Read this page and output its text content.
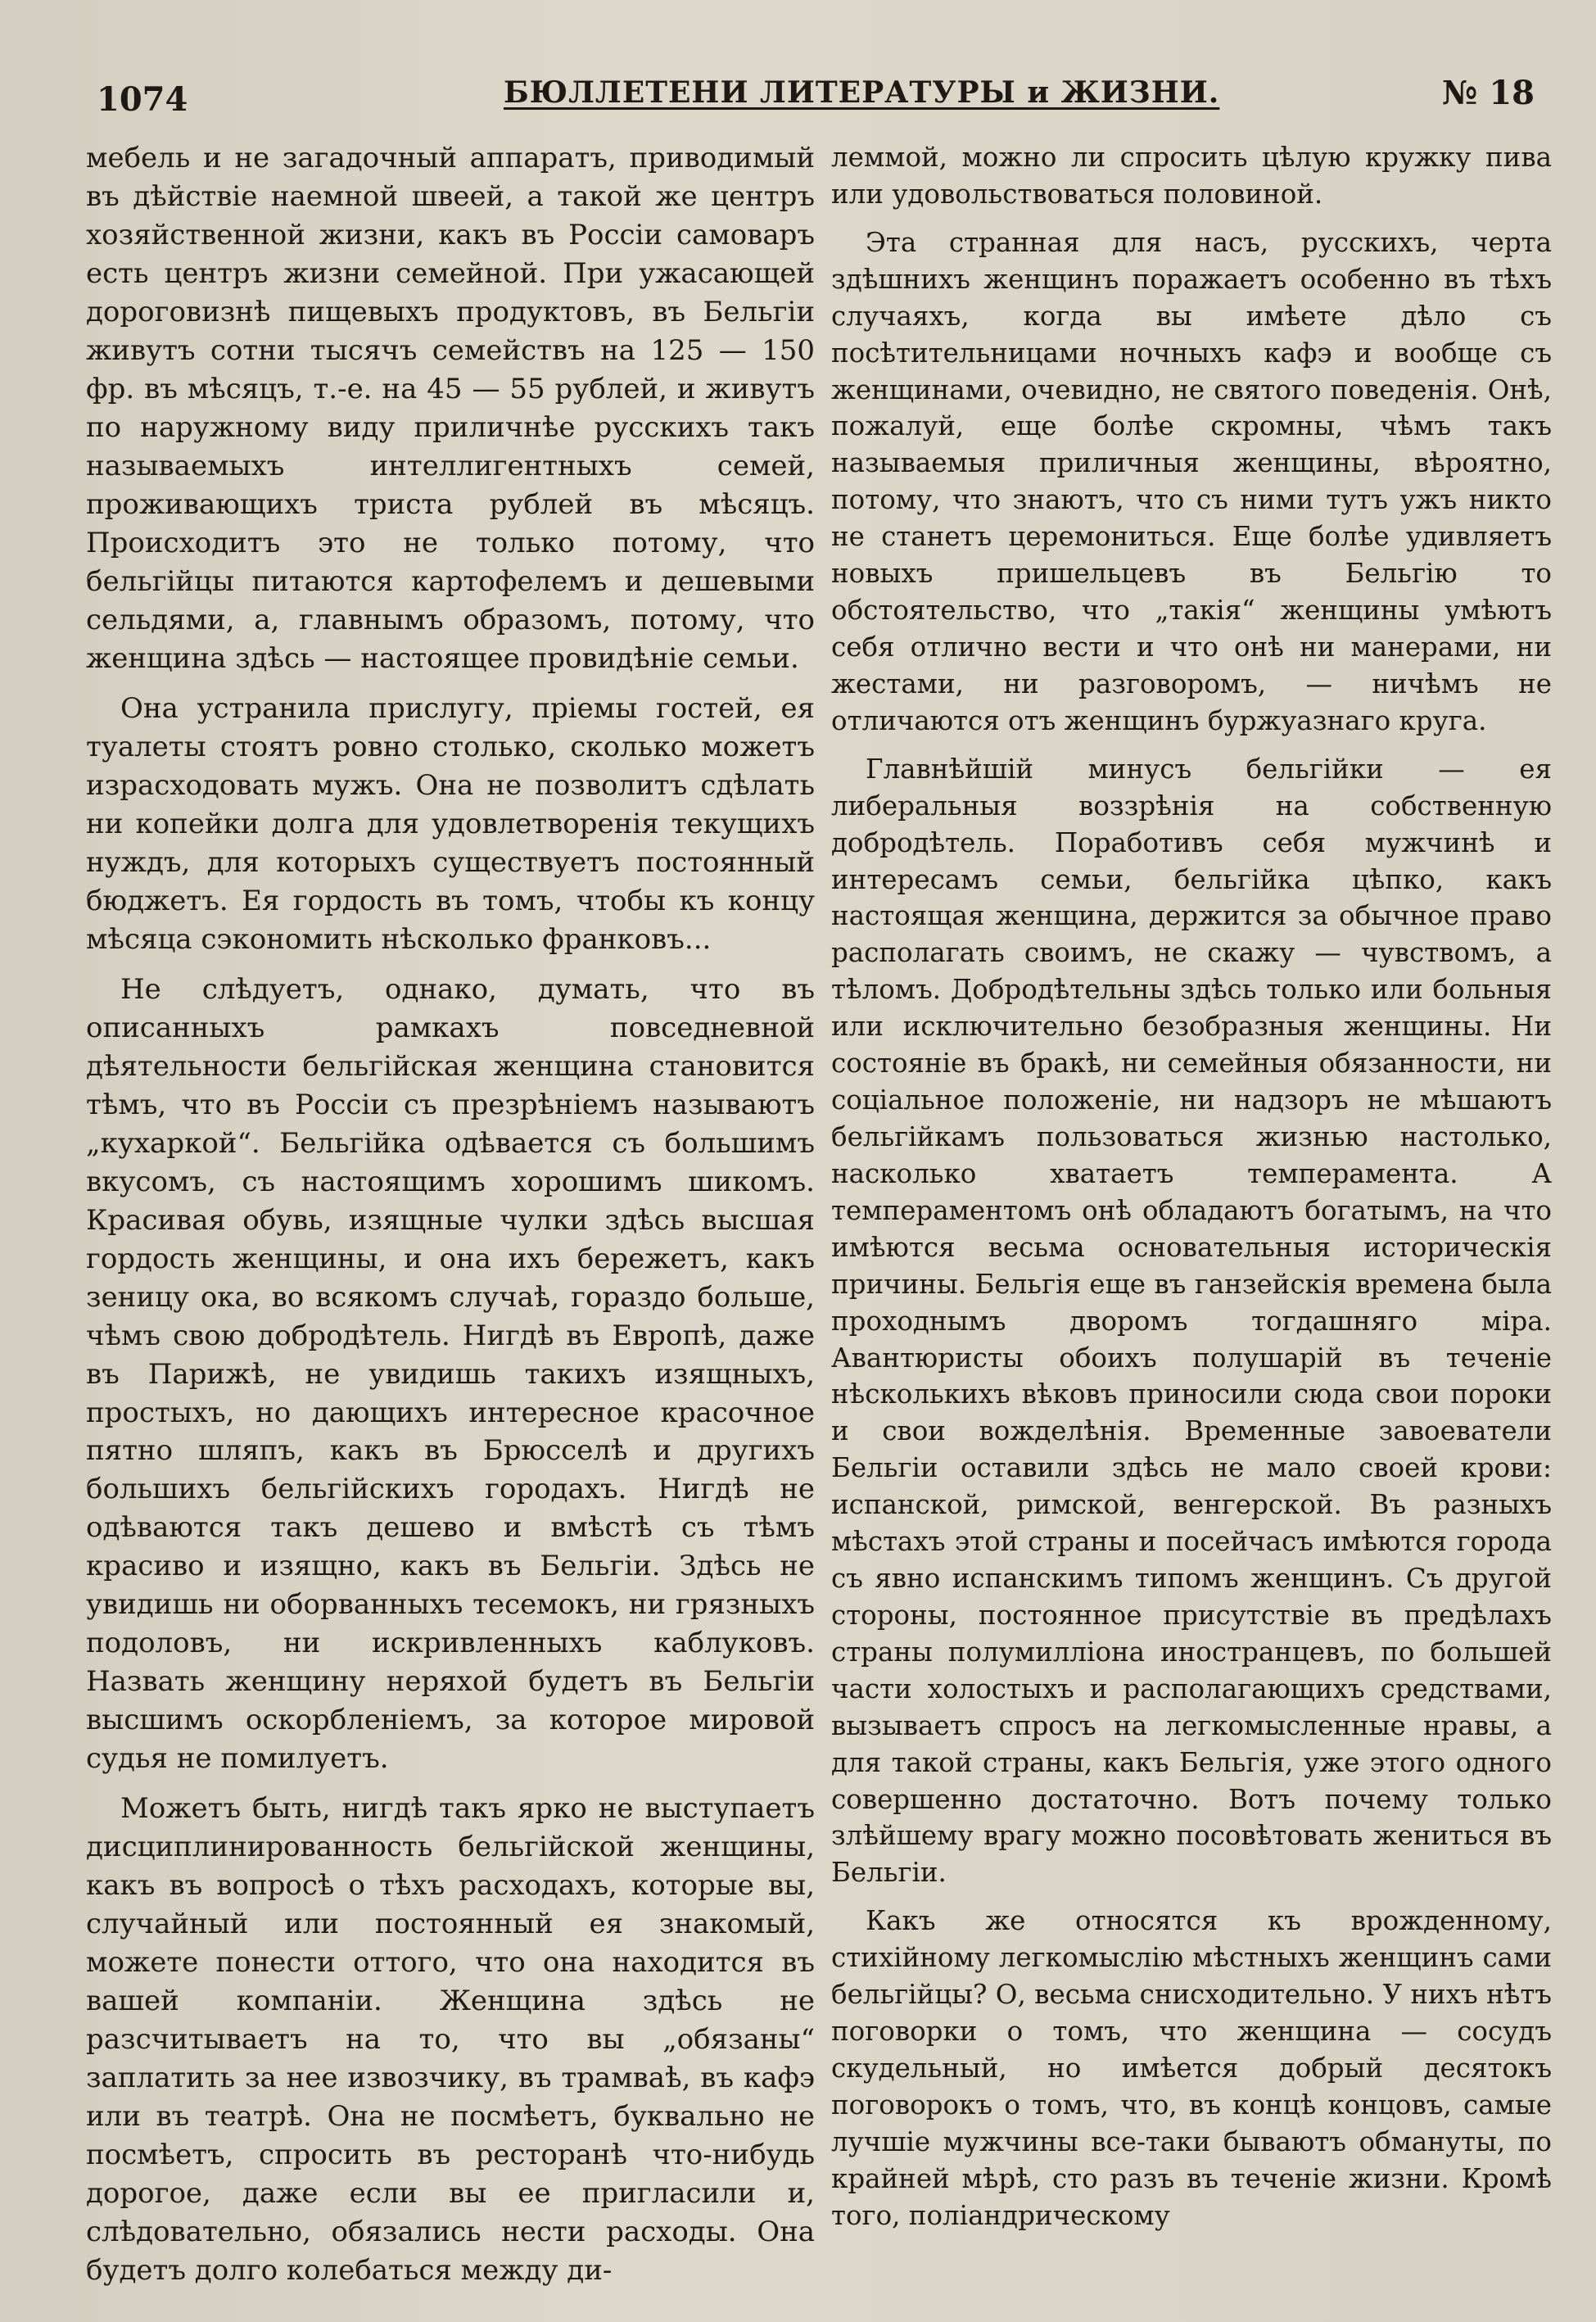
1074	БЮЛЛЕТЕНИ ЛИТЕРАТУРЫ и ЖИЗНИ.	№ 18

мебель и не загадочный аппаратъ, приводимый въ дѣйствіе наемной швеей, а такой же центръ хозяйственной жизни, какъ въ Россіи самоваръ есть центръ жизни семейной. При ужасающей дороговизнѣ пищевыхъ продуктовъ, въ Бельгіи живутъ сотни тысячъ семействъ на 125 — 150 фр. въ мѣсяцъ, т.-е. на 45 — 55 рублей, и живутъ по наружному виду приличнѣе русскихъ такъ называемыхъ интеллигентныхъ семей, проживающихъ триста рублей въ мѣсяцъ. Происходитъ это не только потому, что бельгійцы питаются картофелемъ и дешевыми сельдями, а, главнымъ образомъ, потому, что женщина здѣсь — настоящее провидѣніе семьи.

Она устранила прислугу, пріемы гостей, ея туалеты стоятъ ровно столько, сколько можетъ израсходовать мужъ. Она не позволитъ сдѣлать ни копейки долга для удовлетворенія текущихъ нуждъ, для которыхъ существуетъ постоянный бюджетъ. Ея гордость въ томъ, чтобы къ концу мѣсяца сэкономить нѣсколько франковъ...

Не слѣдуетъ, однако, думать, что въ описанныхъ рамкахъ повседневной дѣятельности бельгійская женщина становится тѣмъ, что въ Россіи съ презрѣніемъ называютъ „кухаркой“. Бельгійка одѣвается съ большимъ вкусомъ, съ настоящимъ хорошимъ шикомъ. Красивая обувь, изящные чулки здѣсь высшая гордость женщины, и она ихъ бережетъ, какъ зеницу ока, во всякомъ случаѣ, гораздо больше, чѣмъ свою добродѣтель. Нигдѣ въ Европѣ, даже въ Парижѣ, не увидишь такихъ изящныхъ, простыхъ, но дающихъ интересное красочное пятно шляпъ, какъ въ Брюсселѣ и другихъ большихъ бельгійскихъ городахъ. Нигдѣ не одѣваются такъ дешево и вмѣстѣ съ тѣмъ красиво и изящно, какъ въ Бельгіи. Здѣсь не увидишь ни оборванныхъ тесемокъ, ни грязныхъ подоловъ, ни искривленныхъ каблуковъ. Назвать женщину неряхой будетъ въ Бельгіи высшимъ оскорбленіемъ, за которое мировой судья не помилуетъ.

Можетъ быть, нигдѣ такъ ярко не выступаетъ дисциплинированность бельгійской женщины, какъ въ вопросѣ о тѣхъ расходахъ, которые вы, случайный или постоянный ея знакомый, можете понести оттого, что она находится въ вашей компаніи. Женщина здѣсь не разсчитываетъ на то, что вы „обязаны“ заплатить за нее извозчику, въ трамваѣ, въ кафэ или въ театрѣ. Она не посмѣетъ, буквально не посмѣетъ, спросить въ ресторанѣ что-нибудь дорогое, даже если вы ее пригласили и, слѣдовательно, обязались нести расходы. Она будетъ долго колебаться между ди-

леммой, можно ли спросить цѣлую кружку пива или удовольствоваться половиной.

Эта странная для насъ, русскихъ, черта здѣшнихъ женщинъ поражаетъ особенно въ тѣхъ случаяхъ, когда вы имѣете дѣло съ посѣтительницами ночныхъ кафэ и вообще съ женщинами, очевидно, не святого поведенія. Онѣ, пожалуй, еще болѣе скромны, чѣмъ такъ называемыя приличныя женщины, вѣроятно, потому, что знаютъ, что съ ними тутъ ужъ никто не станетъ церемониться. Еще болѣе удивляетъ новыхъ пришельцевъ въ Бельгію то обстоятельство, что „такія“ женщины умѣютъ себя отлично вести и что онѣ ни манерами, ни жестами, ни разговоромъ, — ничѣмъ не отличаются отъ женщинъ буржуазнаго круга.

Главнѣйшій минусъ бельгійки — ея либеральныя воззрѣнія на собственную добродѣтель. Поработивъ себя мужчинѣ и интересамъ семьи, бельгійка цѣпко, какъ настоящая женщина, держится за обычное право располагать своимъ, не скажу — чувствомъ, а тѣломъ. Добродѣтельны здѣсь только или больныя или исключительно безобразныя женщины. Ни состояніе въ бракѣ, ни семейныя обязанности, ни соціальное положеніе, ни надзоръ не мѣшаютъ бельгійкамъ пользоваться жизнью настолько, насколько хватаетъ темперамента. А темпераментомъ онѣ обладаютъ богатымъ, на что имѣются весьма основательныя историческія причины. Бельгія еще въ ганзейскія времена была проходнымъ дворомъ тогдашняго міра. Авантюристы обоихъ полушарій въ теченіе нѣсколькихъ вѣковъ приносили сюда свои пороки и свои вожделѣнія. Временные завоеватели Бельгіи оставили здѣсь не мало своей крови: испанской, римской, венгерской. Въ разныхъ мѣстахъ этой страны и посейчасъ имѣются города съ явно испанскимъ типомъ женщинъ. Съ другой стороны, постоянное присутствіе въ предѣлахъ страны полумилліона иностранцевъ, по большей части холостыхъ и располагающихъ средствами, вызываетъ спросъ на легкомысленные нравы, а для такой страны, какъ Бельгія, уже этого одного совершенно достаточно. Вотъ почему только злѣйшему врагу можно посовѣтовать жениться въ Бельгіи.

Какъ же относятся къ врожденному, стихійному легкомыслію мѣстныхъ женщинъ сами бельгійцы? О, весьма снисходительно. У нихъ нѣтъ поговорки о томъ, что женщина — сосудъ скудельный, но имѣется добрый десятокъ поговорокъ о томъ, что, въ концѣ концовъ, самые лучшіе мужчины все-таки бываютъ обмануты, по крайней мѣрѣ, сто разъ въ теченіе жизни. Кромѣ того, поліандрическому
